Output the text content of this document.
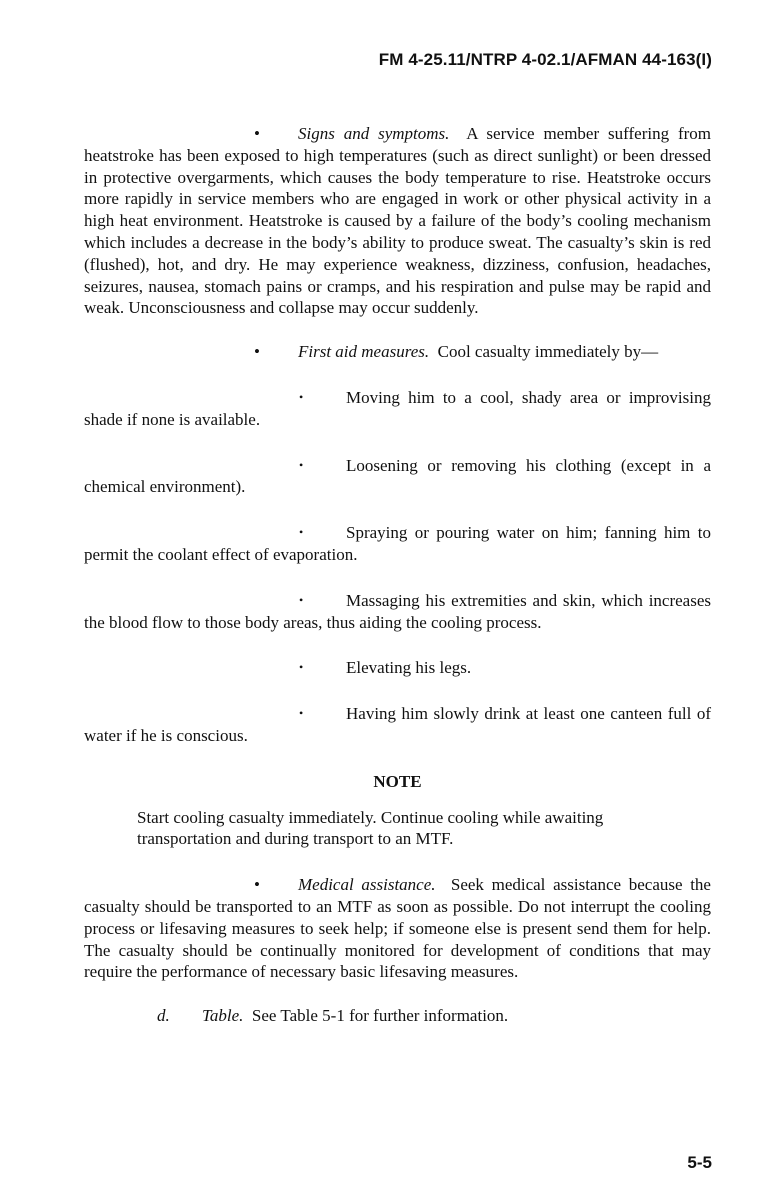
FM 4-25.11/NTRP 4-02.1/AFMAN 44-163(I)

• Signs and symptoms. A service member suffering from heatstroke has been exposed to high temperatures (such as direct sunlight) or been dressed in protective overgarments, which causes the body temperature to rise. Heatstroke occurs more rapidly in service members who are engaged in work or other physical activity in a high heat environment. Heatstroke is caused by a failure of the body’s cooling mechanism which includes a decrease in the body’s ability to produce sweat. The casualty’s skin is red (flushed), hot, and dry. He may experience weakness, dizziness, confusion, headaches, seizures, nausea, stomach pains or cramps, and his respiration and pulse may be rapid and weak. Unconsciousness and collapse may occur suddenly.

• First aid measures. Cool casualty immediately by—

•	Moving him to a cool, shady area or improvising shade if none is available.

•	Loosening or removing his clothing (except in a chemical environment).

•	Spraying or pouring water on him; fanning him to permit the coolant effect of evaporation.

•	Massaging his extremities and skin, which increases the blood flow to those body areas, thus aiding the cooling process.

•	Elevating his legs.

•	Having him slowly drink at least one canteen full of water if he is conscious.

NOTE

Start cooling casualty immediately. Continue cooling while awaiting transportation and during transport to an MTF.

• Medical assistance. Seek medical assistance because the casualty should be transported to an MTF as soon as possible. Do not interrupt the cooling process or lifesaving measures to seek help; if someone else is present send them for help. The casualty should be continually monitored for development of conditions that may require the performance of necessary basic lifesaving measures.

d. Table. See Table 5-1 for further information.

5-5
